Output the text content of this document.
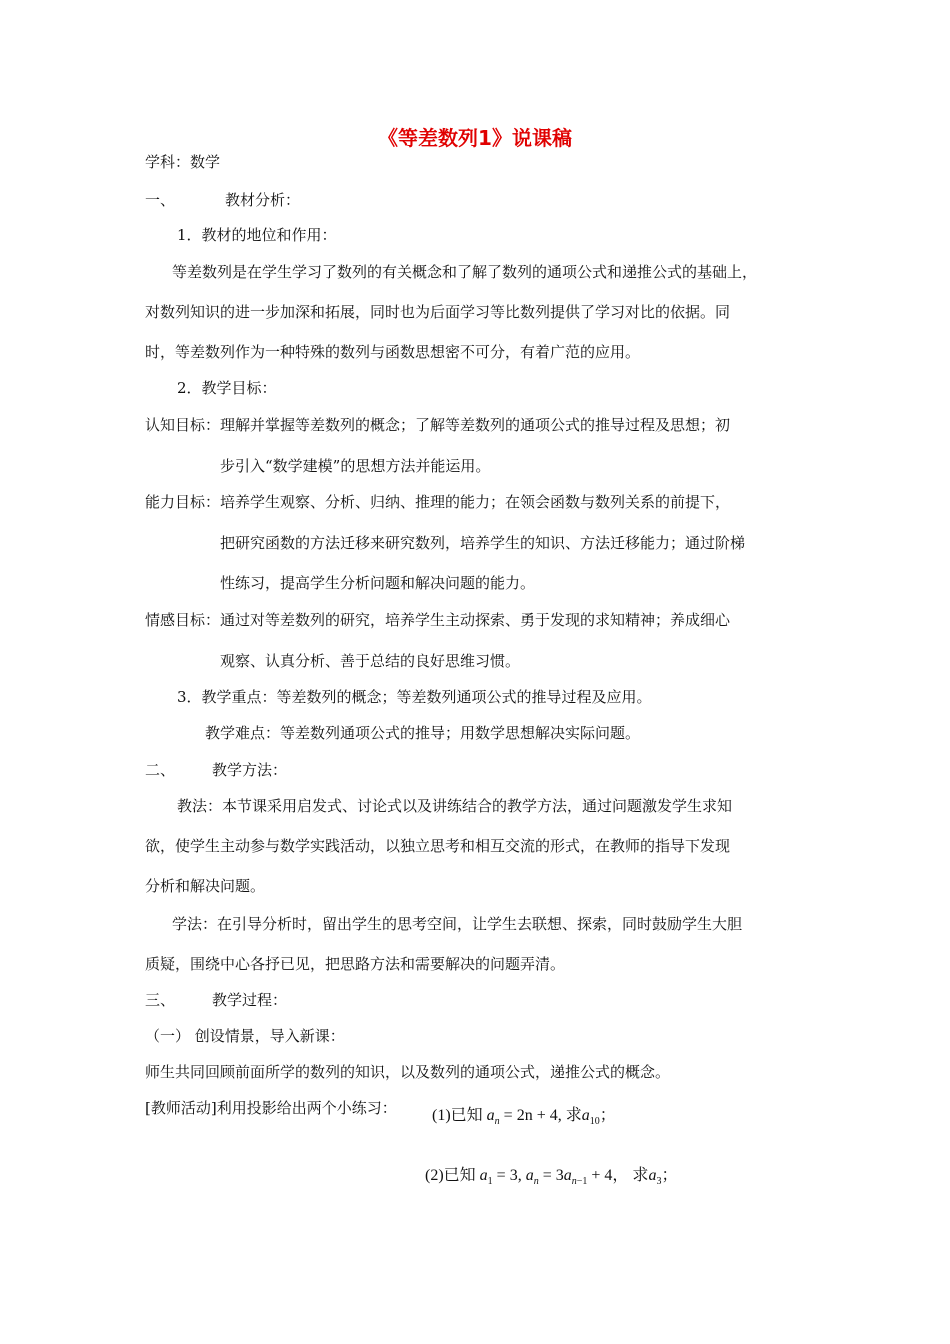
《等差数列1》说课稿
学科：数学
一、	教材分析：
1．教材的地位和作用：
等差数列是在学生学习了数列的有关概念和了解了数列的通项公式和递推公式的基础上，
对数列知识的进一步加深和拓展，同时也为后面学习等比数列提供了学习对比的依据。同
时，等差数列作为一种特殊的数列与函数思想密不可分，有着广范的应用。
2．教学目标：
认知目标：理解并掌握等差数列的概念；了解等差数列的通项公式的推导过程及思想；初
步引入“数学建模”的思想方法并能运用。
能力目标：培养学生观察、分析、归纳、推理的能力；在领会函数与数列关系的前提下，
把研究函数的方法迁移来研究数列，培养学生的知识、方法迁移能力；通过阶梯
性练习，提高学生分析问题和解决问题的能力。
情感目标：通过对等差数列的研究，培养学生主动探索、勇于发现的求知精神；养成细心
观察、认真分析、善于总结的良好思维习惯。
3．教学重点：等差数列的概念；等差数列通项公式的推导过程及应用。
教学难点：等差数列通项公式的推导；用数学思想解决实际问题。
二、 教学方法：
教法：本节课采用启发式、讨论式以及讲练结合的教学方法，通过问题激发学生求知
欲，使学生主动参与数学实践活动，以独立思考和相互交流的形式，在教师的指导下发现
分析和解决问题。
学法：在引导分析时，留出学生的思考空间，让学生去联想、探索，同时鼓励学生大胆
质疑，围绕中心各抒已见，把思路方法和需要解决的问题弄清。
三、 教学过程：
（一） 创设情景，导入新课：
师生共同回顾前面所学的数列的知识，以及数列的通项公式，递推公式的概念。
[教师活动]利用投影给出两个小练习： (1)已知 $a_n = 2n + 4$, 求$a_{10}$；
(2)已知 $a_1 = 3$, $a_n = 3a_{n-1} + 4$， 求$a_3$；
